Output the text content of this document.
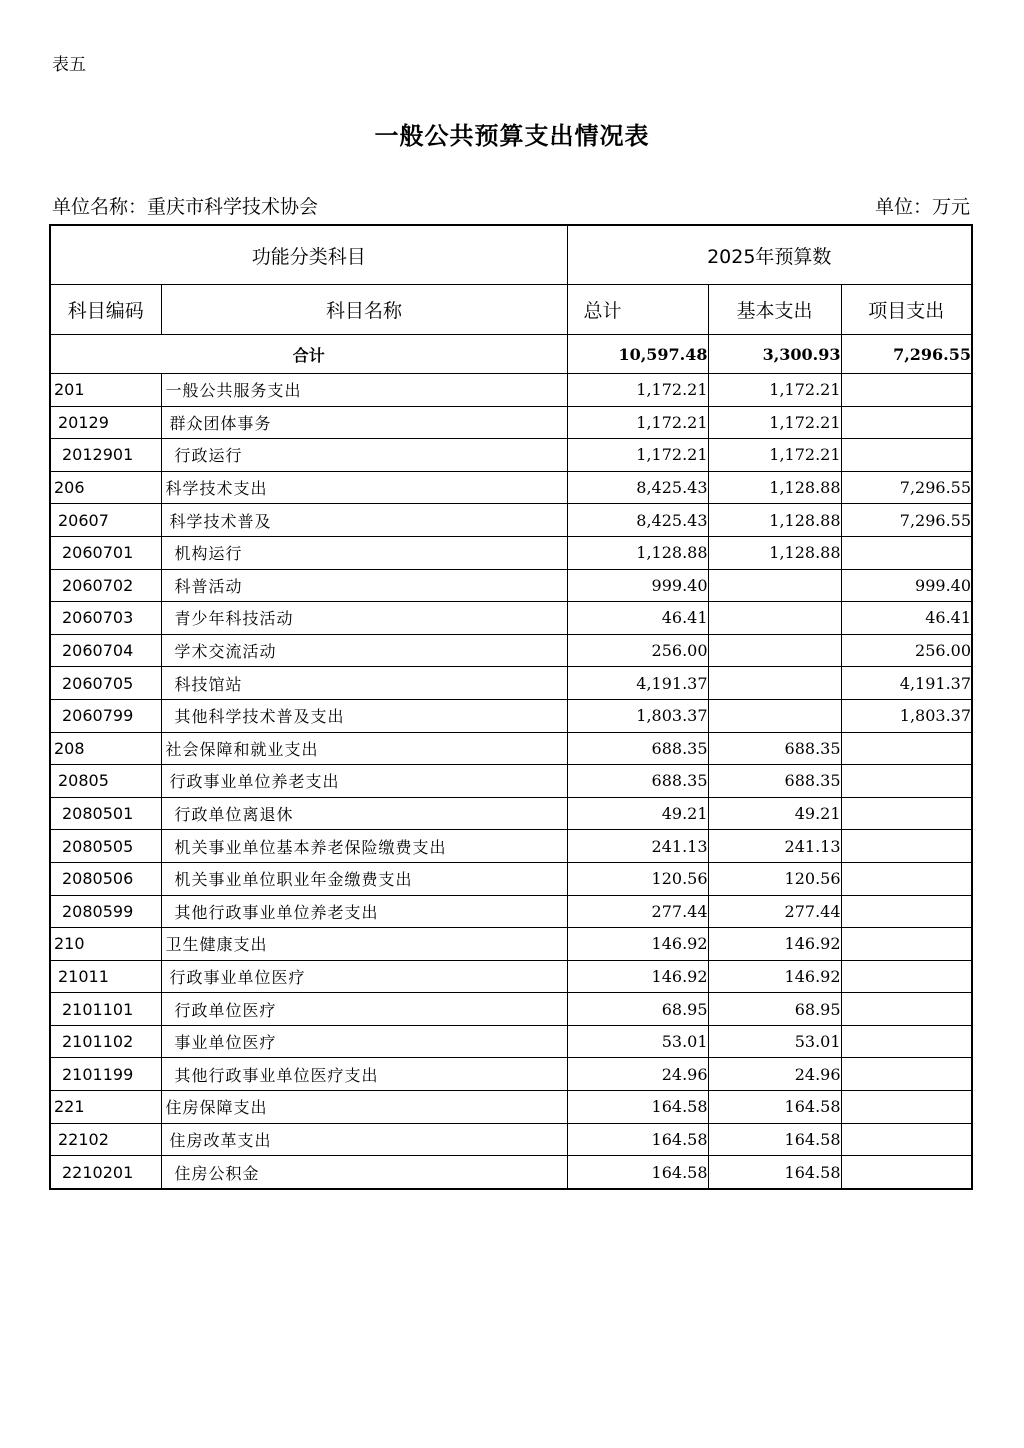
表五
一般公共预算支出情况表
单位名称：重庆市科学技术协会	单位：万元
功能分类科目		2025年预算数		
科目编码	科目名称	总计	基本支出	项目支出
合计		10,597.48	3,300.93	7,296.55
201	一般公共服务支出	1,172.21	1,172.21	
20129	群众团体事务	1,172.21	1,172.21	
2012901	行政运行	1,172.21	1,172.21	
206	科学技术支出	8,425.43	1,128.88	7,296.55
20607	科学技术普及	8,425.43	1,128.88	7,296.55
2060701	机构运行	1,128.88	1,128.88	
2060702	科普活动	999.40		999.40
2060703	青少年科技活动	46.41		46.41
2060704	学术交流活动	256.00		256.00
2060705	科技馆站	4,191.37		4,191.37
2060799	其他科学技术普及支出	1,803.37		1,803.37
208	社会保障和就业支出	688.35	688.35	
20805	行政事业单位养老支出	688.35	688.35	
2080501	行政单位离退休	49.21	49.21	
2080505	机关事业单位基本养老保险缴费支出	241.13	241.13	
2080506	机关事业单位职业年金缴费支出	120.56	120.56	
2080599	其他行政事业单位养老支出	277.44	277.44	
210	卫生健康支出	146.92	146.92	
21011	行政事业单位医疗	146.92	146.92	
2101101	行政单位医疗	68.95	68.95	
2101102	事业单位医疗	53.01	53.01	
2101199	其他行政事业单位医疗支出	24.96	24.96	
221	住房保障支出	164.58	164.58	
22102	住房改革支出	164.58	164.58	
2210201	住房公积金	164.58	164.58	
